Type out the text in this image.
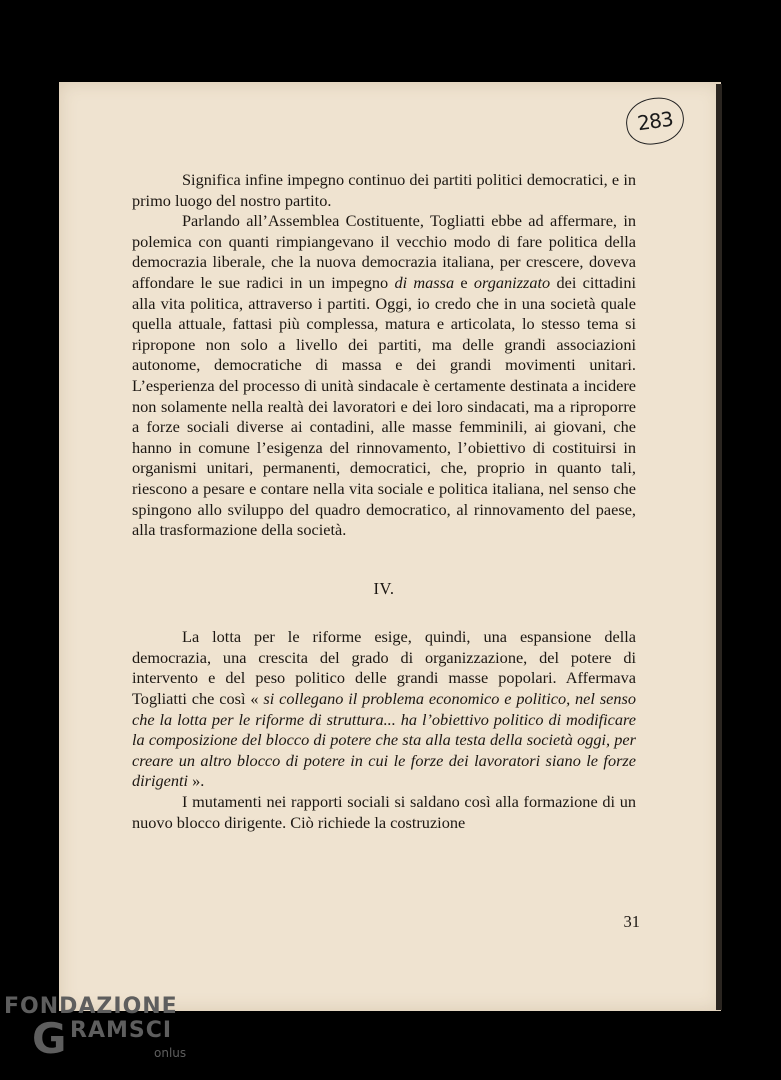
283

Significa infine impegno continuo dei partiti politici democratici, e in primo luogo del nostro partito.

Parlando all’Assemblea Costituente, Togliatti ebbe ad affermare, in polemica con quanti rimpiangevano il vecchio modo di fare politica della democrazia liberale, che la nuova democrazia italiana, per crescere, doveva affondare le sue radici in un impegno di massa e organizzato dei cittadini alla vita politica, attraverso i partiti. Oggi, io credo che in una società quale quella attuale, fattasi più complessa, matura e articolata, lo stesso tema si ripropone non solo a livello dei partiti, ma delle grandi associazioni autonome, democratiche di massa e dei grandi movimenti unitari. L’esperienza del processo di unità sindacale è certamente destinata a incidere non solamente nella realtà dei lavoratori e dei loro sindacati, ma a riproporre a forze sociali diverse ai contadini, alle masse femminili, ai giovani, che hanno in comune l’esigenza del rinnovamento, l’obiettivo di costituirsi in organismi unitari, permanenti, democratici, che, proprio in quanto tali, riescono a pesare e contare nella vita sociale e politica italiana, nel senso che spingono allo sviluppo del quadro democratico, al rinnovamento del paese, alla trasformazione della società.

IV.

La lotta per le riforme esige, quindi, una espansione della democrazia, una crescita del grado di organizzazione, del potere di intervento e del peso politico delle grandi masse popolari. Affermava Togliatti che così « si collegano il problema economico e politico, nel senso che la lotta per le riforme di struttura... ha l’obiettivo politico di modificare la composizione del blocco di potere che sta alla testa della società oggi, per creare un altro blocco di potere in cui le forze dei lavoratori siano le forze dirigenti ».

I mutamenti nei rapporti sociali si saldano così alla formazione di un nuovo blocco dirigente. Ciò richiede la costruzione

31
FONDAZIONE
G RAMSCI
onlus
